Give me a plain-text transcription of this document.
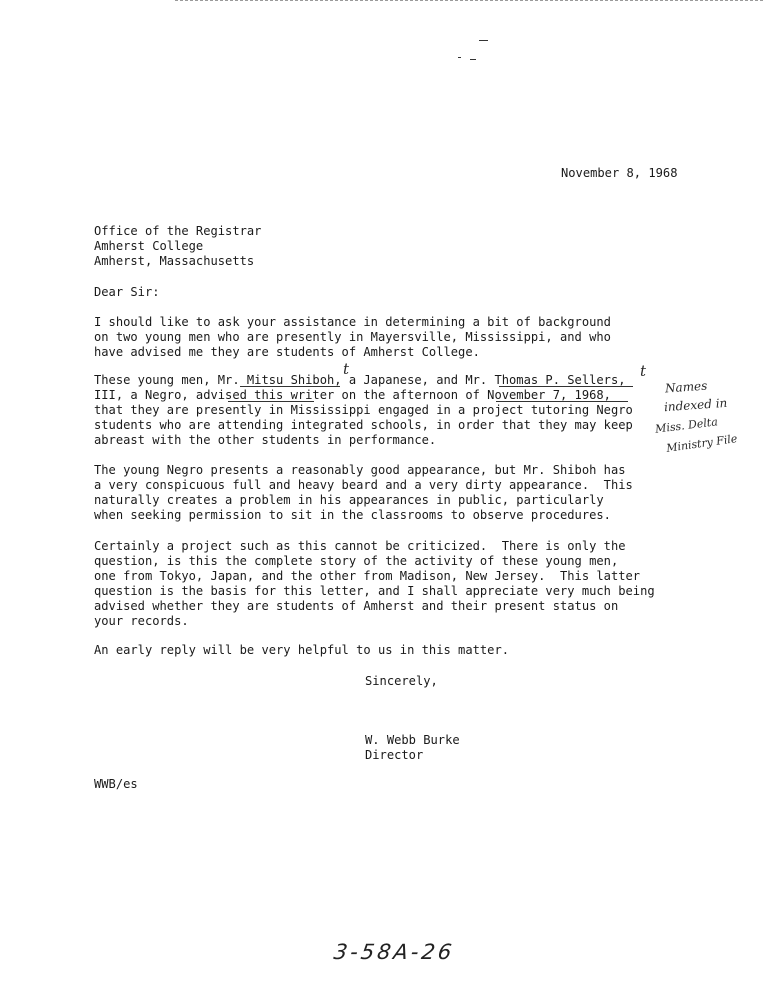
November 8, 1968
Office of the Registrar
Amherst College
Amherst, Massachusetts
Dear Sir:
I should like to ask your assistance in determining a bit of background
on two young men who are presently in Mayersville, Mississippi, and who
have advised me they are students of Amherst College.
These young men, Mr. Mitsu Shiboh, a Japanese, and Mr. Thomas P. Sellers,
III, a Negro, advised this writer on the afternoon of November 7, 1968,
that they are presently in Mississippi engaged in a project tutoring Negro
students who are attending integrated schools, in order that they may keep
abreast with the other students in performance.
t	t
Names
indexed in
Miss. Delta
Ministry File
The young Negro presents a reasonably good appearance, but Mr. Shiboh has
a very conspicuous full and heavy beard and a very dirty appearance.  This
naturally creates a problem in his appearances in public, particularly
when seeking permission to sit in the classrooms to observe procedures.
Certainly a project such as this cannot be criticized.  There is only the
question, is this the complete story of the activity of these young men,
one from Tokyo, Japan, and the other from Madison, New Jersey.  This latter
question is the basis for this letter, and I shall appreciate very much being
advised whether they are students of Amherst and their present status on
your records.
An early reply will be very helpful to us in this matter.
Sincerely,
W. Webb Burke
Director
WWB/es
3-58A-26
